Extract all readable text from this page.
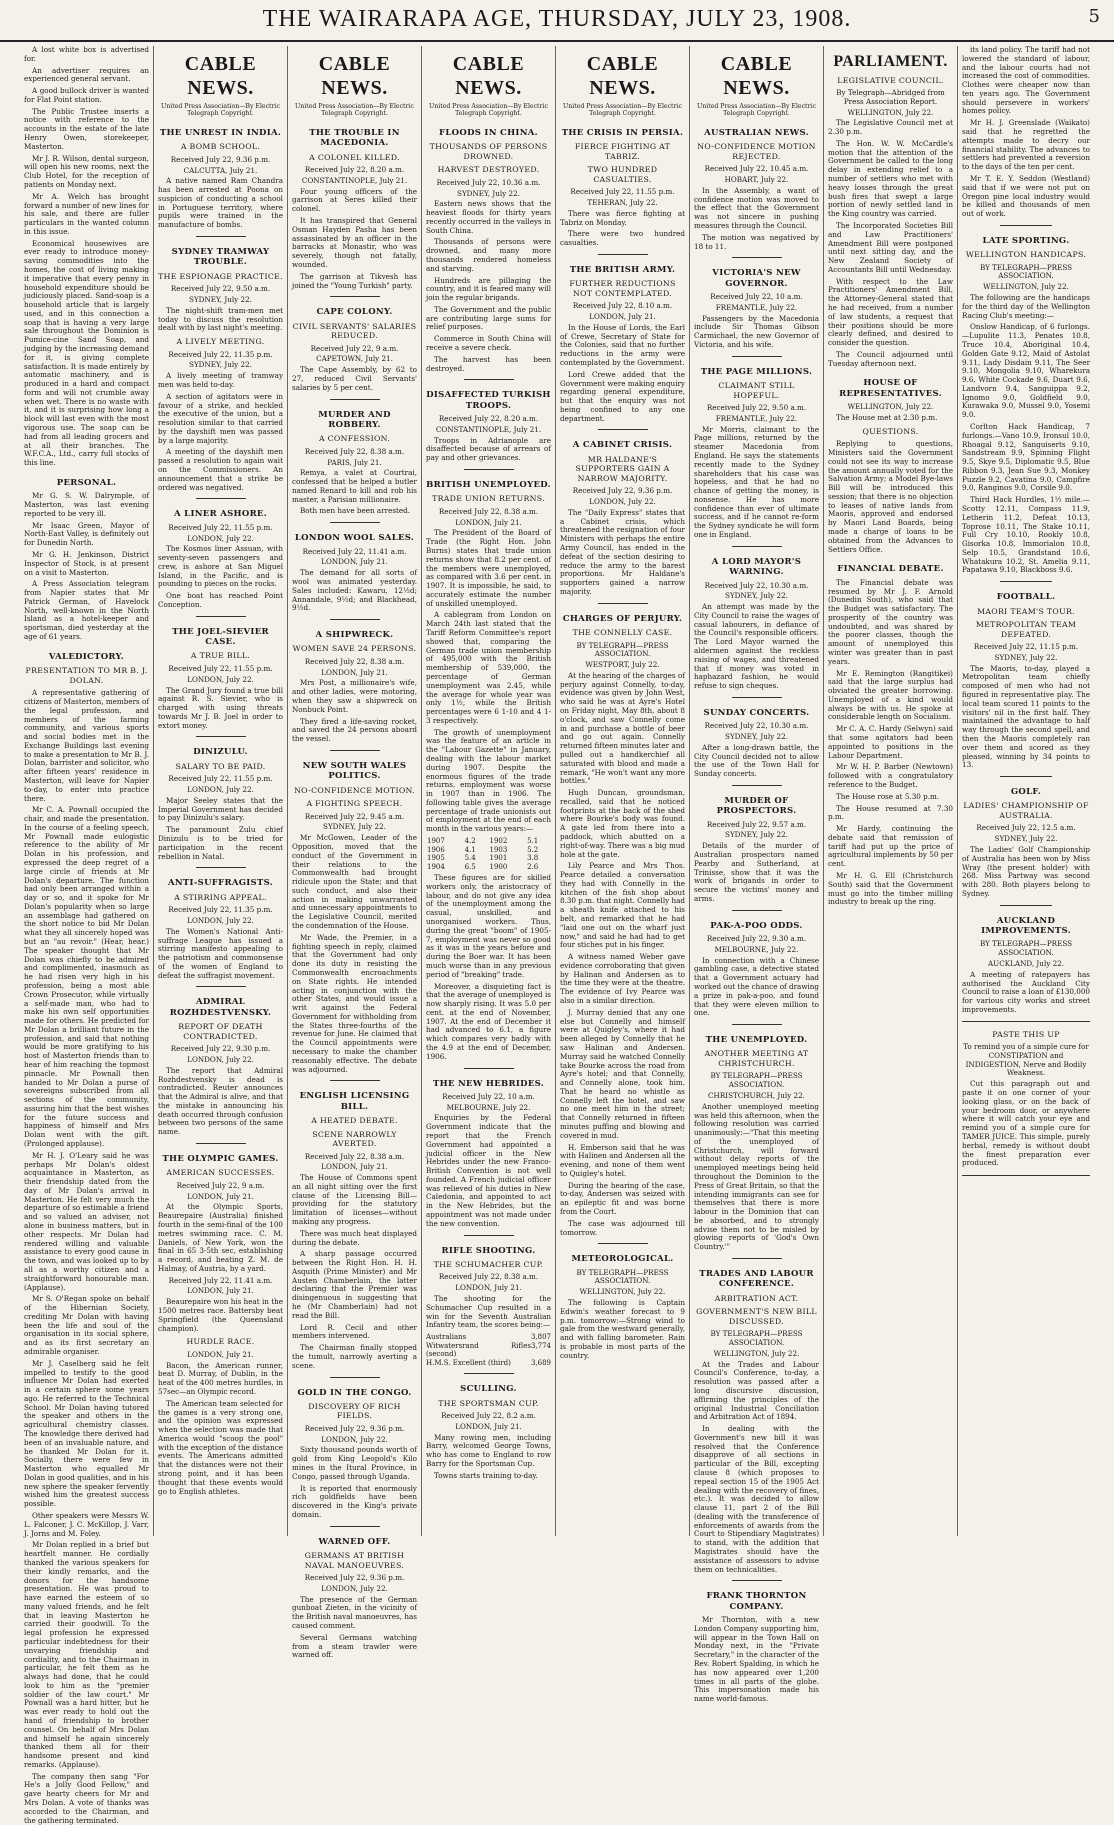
THE WAIRARAPA AGE, THURSDAY, JULY 23, 1908.	5

A lost white box is advertised for.

An advertiser requires an experienced general servant.

A good bullock driver is wanted for Flat Point station.

The Public Trustee inserts a notice with reference to the accounts in the estate of the late Henry Owen, storekeeper, Masterton.

Mr J. R. Wilson, dental surgeon, will open his new rooms, next the Club Hotel, for the reception of patients on Monday next.

Mr A. Welch has brought forward a number of new lines for his sale, and there are fuller particulars in the wanted column in this issue.

Economical housewives are ever ready to introduce money-saving commodities into the homes, the cost of living making it imperative that every penny in household expenditure should be judiciously placed. Sand-soap is a household article that is largely used, and in this connection a soap that is having a very large sale throughout the Dominion is Pumice-cine Sand Soap, and judging by the increasing demand for it, is giving complete satisfaction. It is made entirely by automatic machinery, and is produced in a hard and compact form and will not crumble away when wet. There is no waste with it, and it is surprising how long a block will last even with the most vigorous use. The soap can be had from all leading grocers and at all their branches. The W.F.C.A., Ltd., carry full stocks of this line.

PERSONAL.

Mr G. S. W. Dalrymple, of Masterton, was last evening reported to be very ill.

Mr Isaac Green, Mayor of North-East Valley, is definitely out for Dunedin North.

Mr G. H. Jenkinson, District Inspector of Stock, is at present on a visit to Masterton.

A Press Association telegram from Napier states that Mr Patrick German, of Havelock North, well-known in the North Island as a hotel-keeper and sportsman, died yesterday at the age of 61 years.

VALEDICTORY.
PRESENTATION TO MR B. J. DOLAN.

A representative gathering of citizens of Masterton, members of the legal profession, and members of the farming community, and various sports and social bodies met in the Exchange Buildings last evening to make a presentation to Mr B. J. Dolan, barrister and solicitor, who after fifteen years' residence in Masterton, will leave for Napier to-day, to enter into practice there.

Mr C. A. Pownall occupied the chair, and made the presentation. In the course of a feeling speech, Mr Pownall made eulogistic reference to the ability of Mr Dolan in his profession, and expressed the deep regret of a large circle of friends at Mr Dolan's departure. The function had only been arranged within a day or so, and it spoke for Mr Dolan's popularity when so large an assemblage had gathered on the short notice to bid Mr Dolan what they all sincerely hoped was but an "au revoir." (Hear, hear.) The speaker thought that Mr Dolan was chiefly to be admired and complimented, inasmuch as he had risen very high in his profession, being a most able Crown Prosecutor, while virtually a self-made man, who had to make his own self opportunities made for others. He predicted for Mr Dolan a brilliant future in the profession, and said that nothing would be more gratifying to his host of Masterton friends than to hear of him reaching the topmost pinnacle. Mr Pownall then handed to Mr Dolan a purse of sovereigns subscribed from all sections of the community, assuring him that the best wishes for the future success and happiness of himself and Mrs Dolan went with the gift. (Prolonged applause).

Mr H. J. O'Leary said he was perhaps Mr Dolan's oldest acquaintance in Masterton, as their friendship dated from the day of Mr Dolan's arrival in Masterton. He felt very much the departure of so estimable a friend and so valued an adviser, not alone in business matters, but in other respects. Mr Dolan had rendered willing and valuable assistance to every good cause in the town, and was looked up to by all as a worthy citizen and a straightforward honourable man. (Applause).

Mr S. O'Regan spoke on behalf of the Hibernian Society, crediting Mr Dolan with having been the life and soul of the organisation in its social sphere, and as its first secretary an admirable organiser.

Mr J. Caselberg said he felt impelled to testify to the good influence Mr Dolan had exerted in a certain sphere some years ago. He referred to the Technical School. Mr Dolan having tutored the speaker and others in the agricultural chemistry classes. The knowledge there derived had been of an invaluable nature, and he thanked Mr Dolan for it. Socially, there were few in Masterton who equalled Mr Dolan in good qualities, and in his new sphere the speaker fervently wished him the greatest success possible.

Other speakers were Messrs W. L. Falconer, J. C. McKillop, J. Varr, J. Jorns and M. Foley.

Mr Dolan replied in a brief but heartfelt manner. He cordially thanked the various speakers for their kindly remarks, and the donors for the handsome presentation. He was proud to have earned the esteem of so many valued friends, and he felt that in leaving Masterton he carried their goodwill. To the legal profession he expressed particular indebtedness for their unvarying friendship and cordiality, and to the Chairman in particular, he felt them as he always had done, that he could look to him as the "premier soldier of the law court." Mr Pownall was a hard hitter, but he was ever ready to hold out the hand of friendship to brother counsel. On behalf of Mrs Dolan and himself he again sincerely thanked them all for their handsome present and kind remarks. (Applause).

The company then sang "For He's a Jolly Good Fellow," and gave hearty cheers for Mr and Mrs Dolan. A vote of thanks was accorded to the Chairman, and the gathering terminated.

CABLE NEWS.
United Press Association—By Electric Telegraph Copyright.
THE UNREST IN INDIA.
A BOMB SCHOOL.
Received July 22, 9.36 p.m.
CALCUTTA, July 21.

A native named Ram Chandra has been arrested at Poona on suspicion of conducting a school in Portuguese territory, where pupils were trained in the manufacture of bombs.

SYDNEY TRAMWAY TROUBLE.
THE ESPIONAGE PRACTICE.
Received July 22, 9.50 a.m.
SYDNEY, July 22.

The night-shift tram-men met today to discuss the resolution dealt with by last night's meeting.

A LIVELY MEETING.
Received July 22, 11.35 p.m.
SYDNEY, July 22.

A lively meeting of tramway men was held to-day.

A section of agitators were in favour of a strike, and heckled the executive of the union, but a resolution similar to that carried by the dayshift men was passed by a large majority.

A meeting of the dayshift men passed a resolution to again wait on the Commissioners. An announcement that a strike be ordered was negatived.

A LINER ASHORE.
Received July 22, 11.55 p.m.
LONDON, July 22.

The Kosmos liner Assuan, with seventy-seven passengers and crew, is ashore at San Miguel Island, in the Pacific, and is pounding to pieces on the rocks.

One boat has reached Point Conception.

THE JOEL-SIEVIER CASE.
A TRUE BILL.
Received July 22, 11.55 p.m.
LONDON, July 22.

The Grand Jury found a true bill against R. S. Sievier, who is charged with using threats towards Mr J. B. Joel in order to extort money.

DINIZULU.
SALARY TO BE PAID.
Received July 22, 11.55 p.m.
LONDON, July 22.

Major Seeley states that the Imperial Government has decided to pay Dinizulu's salary.

The paramount Zulu chief Dinizulu is to be tried for participation in the recent rebellion in Natal.

ANTI-SUFFRAGISTS.
A STIRRING APPEAL.
Received July 22, 11.35 p.m.
LONDON, July 22.

The Women's National Anti-suffrage League has issued a stirring manifesto appealing to the patriotism and commonsense of the women of England to defeat the suffragist movement.

ADMIRAL ROZHDESTVENSKY.
REPORT OF DEATH CONTRADICTED.
Received July 22, 9.30 p.m.
LONDON, July 22.

The report that Admiral Rozhdestvensky is dead is contradicted. Reuter announces that the Admiral is alive, and that the mistake in announcing his death occurred through confusion between two persons of the same name.

THE OLYMPIC GAMES.
AMERICAN SUCCESSES.
Received July 22, 9 a.m.
LONDON, July 21.

At the Olympic Sports, Beaurepaire (Australia) finished fourth in the semi-final of the 100 metres swimming race. C. M. Daniels, of New York, won the final in 65 3-5th sec, establishing a record, and beating Z. M. de Halmay, of Austria, by a yard.

Received July 22, 11.41 a.m.
LONDON, July 21.

Beaurepaire won his heat in the 1500 metres race. Battersby beat Springfield (the Queensland champion).

HURDLE RACE.
LONDON, July 21.

Bacon, the American runner, beat D. Murray, of Dublin, in the heat of the 400 metres hurdles, in 57sec—an Olympic record.

The American team selected for the games is a very strong one, and the opinion was expressed when the selection was made that America would "scoop the pool" with the exception of the distance events. The Americans admitted that the distances were not their strong point, and it has been thought that these events would go to English athletes.

CABLE NEWS.
United Press Association—By Electric Telegraph Copyright.
THE TROUBLE IN MACEDONIA.
A COLONEL KILLED.
Received July 22, 8.20 a.m.
CONSTANTINOPLE, July 21.

Four young officers of the garrison at Seres killed their colonel.

It has transpired that General Osman Hayden Pasha has been assassinated by an officer in the barracks at Monastir, who was severely, though not fatally, wounded.

The garrison at Tikvesh has joined the "Young Turkish" party.

CAPE COLONY.
CIVIL SERVANTS' SALARIES REDUCED.
Received July 22, 9 a.m.
CAPETOWN, July 21.

The Cape Assembly, by 62 to 27, reduced Civil Servants' salaries by 5 per cent.

MURDER AND ROBBERY.
A CONFESSION.
Received July 22, 8.38 a.m.
PARIS, July 21.

Remya, a valet at Courtrai, confessed that he helped a butler named Renard to kill and rob his master, a Parisian millionaire.

Both men have been arrested.

LONDON WOOL SALES.
Received July 22, 11.41 a.m.
LONDON, July 21.

The demand for all sorts of wool was animated yesterday. Sales included: Kawaru, 12½d; Annandale, 9½d; and Blackhead, 9½d.

A SHIPWRECK.
WOMEN SAVE 24 PERSONS.
Received July 22, 8.38 a.m.
LONDON, July 21.

Mrs Post, a millionaire's wife, and other ladies, were motoring, when they saw a shipwreck on Nonbuck Point.

They fired a life-saving rocket, and saved the 24 persons aboard the vessel.

NEW SOUTH WALES POLITICS.
NO-CONFIDENCE MOTION.
A FIGHTING SPEECH.
Received July 22, 9.45 a.m.
SYDNEY, July 22.

Mr McGowen, Leader of the Opposition, moved that the conduct of the Government in their relations to the Commonwealth had brought ridicule upon the State; and that such conduct, and also their action in making unwarranted and unnecessary appointments to the Legislative Council, merited the condemnation of the House.

Mr Wade, the Premier, in a fighting speech in reply, claimed that the Government had only done its duty in resisting the Commonwealth encroachments on State rights. He intended acting in conjunction with the other States, and would issue a writ against the Federal Government for withholding from the States three-fourths of the revenue for June. He claimed that the Council appointments were necessary to make the chamber reasonably effective. The debate was adjourned.

ENGLISH LICENSING BILL.
A HEATED DEBATE.
SCENE NARROWLY AVERTED.
Received July 22, 8.38 a.m.
LONDON, July 21.

The House of Commons spent an all night sitting over the first clause of the Licensing Bill—providing for the statutory limitation of licenses—without making any progress.

There was much heat displayed during the debate.

A sharp passage occurred between the Right Hon. H. H. Asquith (Prime Minister) and Mr Austen Chamberlain, the latter declaring that the Premier was disingenuous in suggesting that he (Mr Chamberlain) had not read the Bill.

Lord R. Cecil and other members intervened.

The Chairman finally stopped the tumult, narrowly averting a scene.

GOLD IN THE CONGO.
DISCOVERY OF RICH FIELDS.
Received July 22, 9.36 p.m.
LONDON, July 22.

Sixty thousand pounds worth of gold from King Leopold's Kilo mines in the Itural Province, in Congo, passed through Uganda.

It is reported that enormously rich goldfields have been discovered in the King's private domain.

WARNED OFF.
GERMANS AT BRITISH NAVAL MANOEUVRES.
Received July 22, 9.36 p.m.
LONDON, July 22.

The presence of the German gunboat Zieten, in the vicinity of the British naval manoeuvres, has caused comment.

Several Germans watching from a steam trawler were warned off.

CABLE NEWS.
United Press Association—By Electric Telegraph Copyright.
FLOODS IN CHINA.
THOUSANDS OF PERSONS DROWNED.
HARVEST DESTROYED.
Received July 22, 10.36 a.m.
SYDNEY, July 22.

Eastern news shows that the heaviest floods for thirty years recently occurred in the valleys in South China.

Thousands of persons were drowned, and many more thousands rendered homeless and starving.

Hundreds are pillaging the country, and it is feared many will join the regular brigands.

The Government and the public are contributing large sums for relief purposes.

Commerce in South China will receive a severe check.

The harvest has been destroyed.

DISAFFECTED TURKISH TROOPS.
Received July 22, 8.20 a.m.
CONSTANTINOPLE, July 21.

Troops in Adrianople are disaffected because of arrears of pay and other grievances.

BRITISH UNEMPLOYED.
TRADE UNION RETURNS.
Received July 22, 8.38 a.m.
LONDON, July 21.

The President of the Board of Trade (the Right Hon. John Burns) states that trade union returns show that 8.2 per cent. of the members were unemployed, as compared with 3.6 per cent. in 1907. It is impossible, he said, to accurately estimate the number of unskilled unemployed.

A cablegram from London on March 24th last stated that the Tariff Reform Committee's report showed that, comparing the German trade union membership of 495,000 with the British membership of 539,000, the percentage of German unemployment was 2.45, while the average for whole year was only 1½, while the British percentages were 6 1-10 and 4 1-3 respectively.

The growth of unemployment was the feature of an article in the "Labour Gazette" in January, dealing with the labour market during 1907. Despite the enormous figures of the trade returns, employment was worse in 1907 than in 1906. The following table gives the average percentage of trade unionists out of employment at the end of each month in the various years:—

1907	4.2	1902	5.1
1906	4.1	1903	5.2
1905	5.4	1901	3.8
1904	6.5	1900	2.6

These figures are for skilled workers only, the aristocracy of labour, and do not give any idea of the unemployment among the casual, unskilled, and unorganised workers. Thus, during the great "boom" of 1905-7, employment was never so good as it was in the years before and during the Boer war. It has been much worse than in any previous period of "breaking" trade.

Moreover, a disquieting fact is that the average of unemployed is now sharply rising. It was 5.0 per cent. at the end of November, 1907. At the end of December it had advanced to 6.1, a figure which compares very badly with the 4.9 at the end of December, 1906.

THE NEW HEBRIDES.
Received July 22, 10 a.m.
MELBOURNE, July 22.

Enquiries by the Federal Government indicate that the report that the French Government had appointed a judicial officer in the New Hebrides under the new Franco-British Convention is not well founded. A French judicial officer was relieved of his duties in New Caledonia, and appointed to act in the New Hebrides, but the appointment was not made under the new convention.

RIFLE SHOOTING.
THE SCHUMACHER CUP.
Received July 22, 8.38 a.m.
LONDON, July 21.

The shooting for the Schumacher Cup resulted in a win for the Seventh Australian Infantry team, the scores being:—

Australians	3,807
Witwatersrand Rifles (second)
3,774
H.M.S. Excellent (third)	3,689
SCULLING.
THE SPORTSMAN CUP.
Received July 22, 8.2 a.m.
LONDON, July 21.

Many rowing men, including Barry, welcomed George Towns, who has come to England to row Barry for the Sportsman Cup.

Towns starts training to-day.

CABLE NEWS.
United Press Association—By Electric Telegraph Copyright.
THE CRISIS IN PERSIA.
FIERCE FIGHTING AT TABRIZ.
TWO HUNDRED CASUALTIES.
Received July 22, 11.55 p.m.
TEHERAN, July 22.

There was fierce fighting at Tabriz on Monday.

There were two hundred casualties.

THE BRITISH ARMY.
FURTHER REDUCTIONS NOT CONTEMPLATED.
Received July 22, 8.10 a.m.
LONDON, July 21.

In the House of Lords, the Earl of Crewe, Secretary of State for the Colonies, said that no further reductions in the army were contemplated by the Government.

Lord Crewe added that the Government were making enquiry regarding general expenditure, but that the enquiry was not being confined to any one department.

A CABINET CRISIS.
MR HALDANE'S SUPPORTERS GAIN A NARROW MAJORITY.
Received July 22, 9.36 p.m.
LONDON, July 22.

The "Daily Express" states that a Cabinet crisis, which threatened the resignation of four Ministers with perhaps the entire Army Council, has ended in the defeat of the section desiring to reduce the army to the barest proportions. Mr Haldane's supporters gained a narrow majority.

CHARGES OF PERJURY.
THE CONNELLY CASE.
BY TELEGRAPH—PRESS ASSOCIATION.
WESTPORT, July 22.

At the hearing of the charges of perjury against Connelly, to-day, evidence was given by John West, who said he was at Ayre's Hotel on Friday night, May 8th, about 8 o'clock, and saw Connelly come in and purchase a bottle of beer and go out again. Connelly returned fifteen minutes later and pulled out a handkerchief all saturated with blood and made a remark, "He won't want any more bottles."

Hugh Duncan, groundsman, recalled, said that he noticed footprints at the back of the shed where Bourke's body was found. A gate led from there into a paddock, which abutted on a right-of-way. There was a big mud hole at the gate.

Lily Pearce and Mrs Thos. Pearce detailed a conversation they had with Connelly in the kitchen of the fish shop about 8.30 p.m. that night. Connelly had a sheath knife attached to his belt, and remarked that he had "laid one out on the wharf just now," and said he had had to get four stiches put in his finger.

A witness named Weber gave evidence corroborating that given by Halinan and Andersen as to the time they were at the theatre. The evidence of Ivy Pearce was also in a similar direction.

J. Murray denied that any one else but Connelly and himself were at Quigley's, where it had been alleged by Connelly that he saw Halinan and Andersen. Murray said he watched Connelly take Bourke across the road from Ayre's hotel; and that Connelly, and Connelly alone, took him. That he heard no whistle as Connelly left the hotel, and saw no one meet him in the street; that Connelly returned in fifteen minutes puffing and blowing and covered in mud.

H. Emberson said that he was with Halinen and Andersen all the evening, and none of them went to Quigley's hotel.

During the hearing of the case, to-day, Andersen was seized with an epileptic fit and was borne from the Court.

The case was adjourned till tomorrow.

METEOROLOGICAL.
BY TELEGRAPH—PRESS ASSOCIATION.
WELLINGTON, July 22.

The following is Captain Edwin's weather forecast to 9 p.m. tomorrow:—Strong wind to gale from the westward generally, and with falling barometer. Rain is probable in most parts of the country.

CABLE NEWS.
United Press Association—By Electric Telegraph Copyright.
AUSTRALIAN NEWS.
NO-CONFIDENCE MOTION REJECTED.
Received July 22, 10.45 a.m.
HOBART, July 22.

In the Assembly, a want of confidence motion was moved to the effect that the Government was not sincere in pushing measures through the Council.

The motion was negatived by 18 to 11.

VICTORIA'S NEW GOVERNOR.
Received July 22, 10 a.m.
FREMANTLE, July 22.

Passengers by the Macedonia include Sir Thomas Gibson Carmichael, the new Governor of Victoria, and his wife.

THE PAGE MILLIONS.
CLAIMANT STILL HOPEFUL.
Received July 22, 9.50 a.m.
FREMANTLE, July 22.

Mr Morris, claimant to the Page millions, returned by the steamer Macedonia from England. He says the statements recently made to the Sydney shareholders that his case was hopeless, and that he had no chance of getting the money, is nonsense. He has more confidence than ever of ultimate success, and if he cannot re-form the Sydney syndicate he will form one in England.

A LORD MAYOR'S WARNING.
Received July 22, 10.30 a.m.
SYDNEY, July 22.

An attempt was made by the City Council to raise the wages of casual labourers, in defiance of the Council's responsible officers. The Lord Mayor warned the aldermen against the reckless raising of wages, and threatened that if money was voted in haphazard fashion, he would refuse to sign cheques.

SUNDAY CONCERTS.
Received July 22, 10.30 a.m.
SYDNEY, July 22.

After a long-drawn battle, the City Council decided not to allow the use of the Town Hall for Sunday concerts.

MURDER OF PROSPECTORS.
Received July 22, 9.57 a.m.
SYDNEY, July 22.

Details of the murder of Australian prospectors named Pearby and Sutherland, at Trinisse, show that it was the work of brigands in order to secure the victims' money and arms.

PAK-A-POO ODDS.
Received July 22, 9.30 a.m.
MELBOURNE, July 22.

In connection with a Chinese gambling case, a detective stated that a Government actuary had worked out the chance of drawing a prize in pak-a-poo, and found that they were eleven million to one.

THE UNEMPLOYED.
ANOTHER MEETING AT CHRISTCHURCH.
BY TELEGRAPH—PRESS ASSOCIATION.
CHRISTCHURCH, July 22.

Another unemployed meeting was held this afternoon, when the following resolution was carried unanimously:—"That this meeting of the unemployed of Christchurch, will forward without delay reports of the unemployed meetings being held throughout the Dominion to the Press of Great Britain, so that the intending immigrants can see for themselves that there is more labour in the Dominion that can be absorbed, and to strongly advise them not to be misled by glowing reports of 'God's Own Country.'"

TRADES AND LABOUR CONFERENCE.
ARBITRATION ACT.
GOVERNMENT'S NEW BILL DISCUSSED.
BY TELEGRAPH—PRESS ASSOCIATION.
WELLINGTON, July 22.

At the Trades and Labour Council's Conference, to-day, a resolution was passed after a long discursive discussion, affirming the principles of the original Industrial Conciliation and Arbitration Act of 1894.

In dealing with the Government's new bill it was resolved that the Conference disapprove of all sections in particular of the Bill, excepting clause 8 (which proposes to repeal section 15 of the 1905 Act dealing with the recovery of fines, etc.). It was decided to allow clause 11, part 2 of the Bill (dealing with the transference of enforcements of awards from the Court to Stipendiary Magistrates) to stand, with the addition that Magistrates should have the assistance of assessors to advise them on technicalities.

FRANK THORNTON COMPANY.

Mr Thornton, with a new London Company supporting him, will appear in the Town Hall on Monday next, in the "Private Secretary," in the character of the Rev. Robert Spalding, in which he has now appeared over 1,200 times in all parts of the globe. This impersonation made his name world-famous.

PARLIAMENT.
LEGISLATIVE COUNCIL.
By Telegraph—Abridged from Press Association Report.
WELLINGTON, July 22.

The Legislative Council met at 2.30 p.m.

The Hon. W. W. McCardle's motion that the attention of the Government be called to the long delay in extending relief to a number of settlers who met with heavy losses through the great bush fires that swept a large portion of newly settled land in the King country was carried.

The Incorporated Societies Bill and Law Practitioners' Amendment Bill were postponed until next sitting day, and the New Zealand Society of Accountants Bill until Wednesday.

With respect to the Law Practitioners' Amendment Bill, the Attorney-General stated that he had received, from a number of law students, a request that their positions should be more clearly defined, and desired to consider the question.

The Council adjourned until Tuesday afternoon next.

HOUSE OF REPRESENTATIVES.
WELLINGTON, July 22.

The House met at 2.30 p.m.

QUESTIONS.

Replying to questions, Ministers said the Government could not see its way to increase the amount annually voted for the Salvation Army; a Model Bye-laws Bill will be introduced this session; that there is no objection to leases of native lands from Maoris, approved and endorsed by Maori Land Boards, being made a charge of loans to be obtained from the Advances to Settlers Office.

FINANCIAL DEBATE.

The Financial debate was resumed by Mr J. F. Arnold (Dunedin South), who said that the Budget was satisfactory. The prosperity of the country was undoubted, and was shared by the poorer classes, though the amount of unemployed this winter was greater than in past years.

Mr E. Remington (Rangitikei) said that the large surplus had obviated the greater borrowing. Unemployed of a kind would always be with us. He spoke at considerable length on Socialism.

Mr C. A. C. Hardy (Selwyn) said that some agitators had been appointed to positions in the Labour Department.

Mr W. H. P. Barber (Newtown) followed with a congratulatory reference to the Budget.

The House rose at 5.30 p.m.

The House resumed at 7.30 p.m.

Mr Hardy, continuing the debate said that remission of tariff had put up the price of agricultural implements by 50 per cent.

Mr H. G. Ell (Christchurch South) said that the Government must go into the timber milling industry to break up the ring.

its land policy. The tariff had not lowered the standard of labour, and the labour courts had not increased the cost of commodities. Clothes were cheaper now than ten years ago. The Government should persevere in workers' homes policy.

Mr H. J. Greenslade (Waikato) said that he regretted the attempts made to decry our financial stability. The advances to settlers had prevented a reversion to the days of the ten per cent.

Mr T. E. Y. Seddon (Westland) said that if we were not put on Oregon pine local industry would be killed and thousands of men out of work.

LATE SPORTING.
WELLINGTON HANDICAPS.
BY TELEGRAPH—PRESS ASSOCIATION.
WELLINGTON, July 22.

The following are the handicaps for the third day of the Wellington Racing Club's meeting:—

Onslow Handicap, of 6 furlongs.—Lupulite 11.3, Penates 10.8, Truce 10.4, Aboriginal 10.4, Golden Gate 9.12, Maid of Astolat 9.11, Lady Disdain 9.11, The Seer 9.10, Mongolia 9.10, Wharekura 9.6, White Cockade 9.6, Duart 9.6, Landvorn 9.4, Sanguippa 9.2, Ignomo 9.0, Goldfield 9.0, Kurawaka 9.0, Mussel 9.0, Yosemi 9.0.

Corlton Hack Handicap, 7 furlongs.—Vano 10.9, Ironsul 10.0, Rhoagal 9.12, Sanguiserts 9.10, Sandstream 9.9, Spinning Flight 9.5, Skye 9.5, Diplomatic 9.5, Blue Ribbon 9.3, Jean Sue 9.3, Monkey Puzzle 9.2, Cavatina 9.0, Campfire 9.0, Ranginos 9.0, Corsile 9.0.

Third Hack Hurdles, 1½ mile.—Scotty 12.11, Compass 11.9, Letherin 11.2, Defeat 10.13, Toprose 10.11, The Stake 10.11, Full Cry 10.10, Rookly 10.8, Gisorka 10.8, Immorialon 10.8, Selp 10.5, Grandstand 10.6, Whatakura 10.2, St. Amelia 9.11, Papatawa 9.10, Blackboss 9.6.

FOOTBALL.
MAORI TEAM'S TOUR.
METROPOLITAN TEAM DEFEATED.
Received July 22, 11.15 p.m.
SYDNEY, July 22.

The Maoris, to-day, played a Metropolitan team chiefly composed of men who had not figured in representative play. The local team scored 11 points to the visitors' nil in the first half. They maintained the advantage to half way through the second spell, and then the Maoris completely ran over them and scored as they pleased, winning by 34 points to 13.

GOLF.
LADIES' CHAMPIONSHIP OF AUSTRALIA.
Received July 22, 12.5 a.m.
SYDNEY, July 22.

The Ladies' Golf Championship of Australia has been won by Miss Wray (the present holder) with 268. Miss Partway was second with 280. Both players belong to Sydney.

AUCKLAND IMPROVEMENTS.
BY TELEGRAPH—PRESS ASSOCIATION.
AUCKLAND, July 22.

A meeting of ratepayers has authorised the Auckland City Council to raise a loan of £130,000 for various city works and street improvements.

PASTE THIS UP
To remind you of a simple cure for CONSTIPATION and INDIGESTION, Nerve and Bodily Weakness.

Cut this paragraph out and paste it on one corner of your looking glass, or on the back of your bedroom door, or anywhere where it will catch your eye and remind you of a simple cure for TAMER JUICE. This simple, purely herbal, remedy is without doubt the finest preparation ever produced.
